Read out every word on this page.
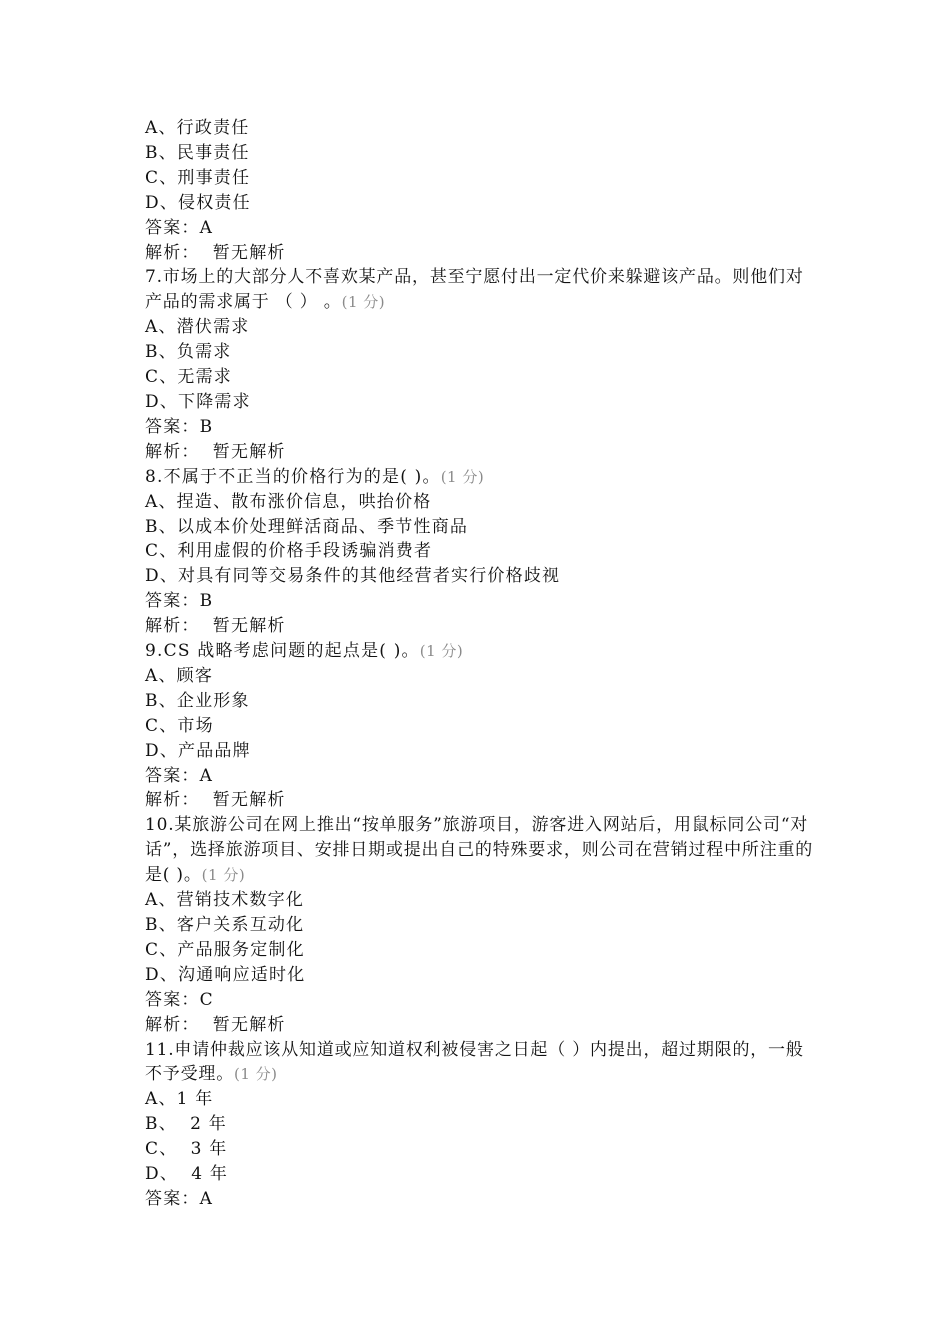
A、行政责任
B、民事责任
C、刑事责任
D、侵权责任
答案：A
解析：  暂无解析
7.市场上的大部分人不喜欢某产品，甚至宁愿付出一定代价来躲避该产品。则他们对产品的需求属于 （ ） 。(1 分)
A、潜伏需求
B、负需求
C、无需求
D、下降需求
答案：B
解析：  暂无解析
8.不属于不正当的价格行为的是( )。(1 分)
A、捏造、散布涨价信息，哄抬价格
B、以成本价处理鲜活商品、季节性商品
C、利用虚假的价格手段诱骗消费者
D、对具有同等交易条件的其他经营者实行价格歧视
答案：B
解析：  暂无解析
9.CS 战略考虑问题的起点是( )。(1 分)
A、顾客
B、企业形象
C、市场
D、产品品牌
答案：A
解析：  暂无解析
10.某旅游公司在网上推出“按单服务”旅游项目，游客进入网站后，用鼠标同公司“对话”，选择旅游项目、安排日期或提出自己的特殊要求，则公司在营销过程中所注重的是( )。(1 分)
A、营销技术数字化
B、客户关系互动化
C、产品服务定制化
D、沟通响应适时化
答案：C
解析：  暂无解析
11.申请仲裁应该从知道或应知道权利被侵害之日起（ ）内提出，超过期限的，一般不予受理。(1 分)
A、1 年
B、  2 年
C、  3 年
D、  4 年
答案：A
